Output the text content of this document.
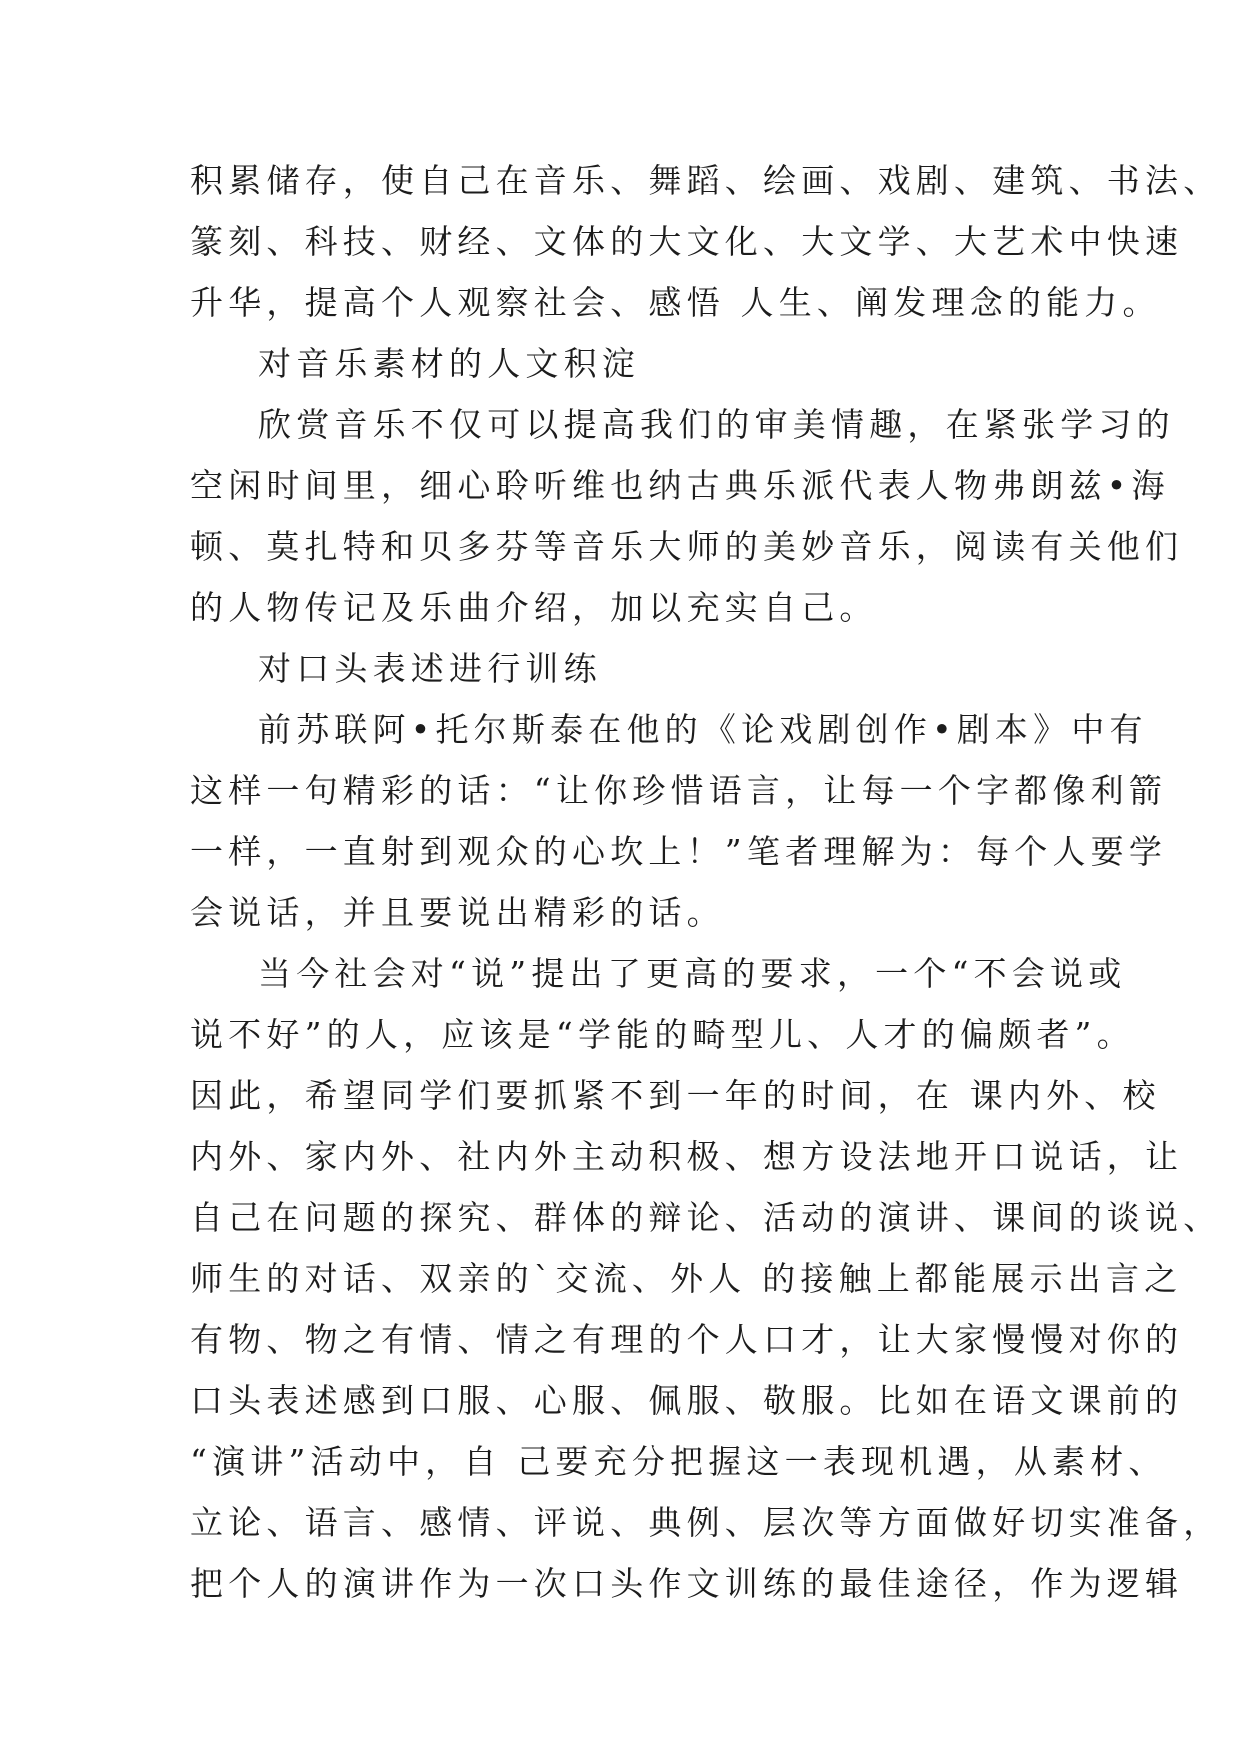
积累储存，使自己在音乐、舞蹈、绘画、戏剧、建筑、书法、
篆刻、科技、财经、文体的大文化、大文学、大艺术中快速
升华，提高个人观察社会、感悟 人生、阐发理念的能力。
对音乐素材的人文积淀
欣赏音乐不仅可以提高我们的审美情趣，在紧张学习的
空闲时间里，细心聆听维也纳古典乐派代表人物弗朗兹•海
顿、莫扎特和贝多芬等音乐大师的美妙音乐，阅读有关他们
的人物传记及乐曲介绍，加以充实自己。
对口头表述进行训练
前苏联阿•托尔斯泰在他的《论戏剧创作•剧本》中有
这样一句精彩的话：“让你珍惜语言，让每一个字都像利箭
一样，一直射到观众的心坎上！”笔者理解为：每个人要学
会说话，并且要说出精彩的话。
当今社会对“说”提出了更高的要求，一个“不会说或
说不好”的人，应该是“学能的畸型儿、人才的偏颇者”。
因此，希望同学们要抓紧不到一年的时间，在 课内外、校
内外、家内外、社内外主动积极、想方设法地开口说话，让
自己在问题的探究、群体的辩论、活动的演讲、课间的谈说、
师生的对话、双亲的`交流、外人 的接触上都能展示出言之
有物、物之有情、情之有理的个人口才，让大家慢慢对你的
口头表述感到口服、心服、佩服、敬服。比如在语文课前的
“演讲”活动中，自 己要充分把握这一表现机遇，从素材、
立论、语言、感情、评说、典例、层次等方面做好切实准备，
把个人的演讲作为一次口头作文训练的最佳途径，作为逻辑
